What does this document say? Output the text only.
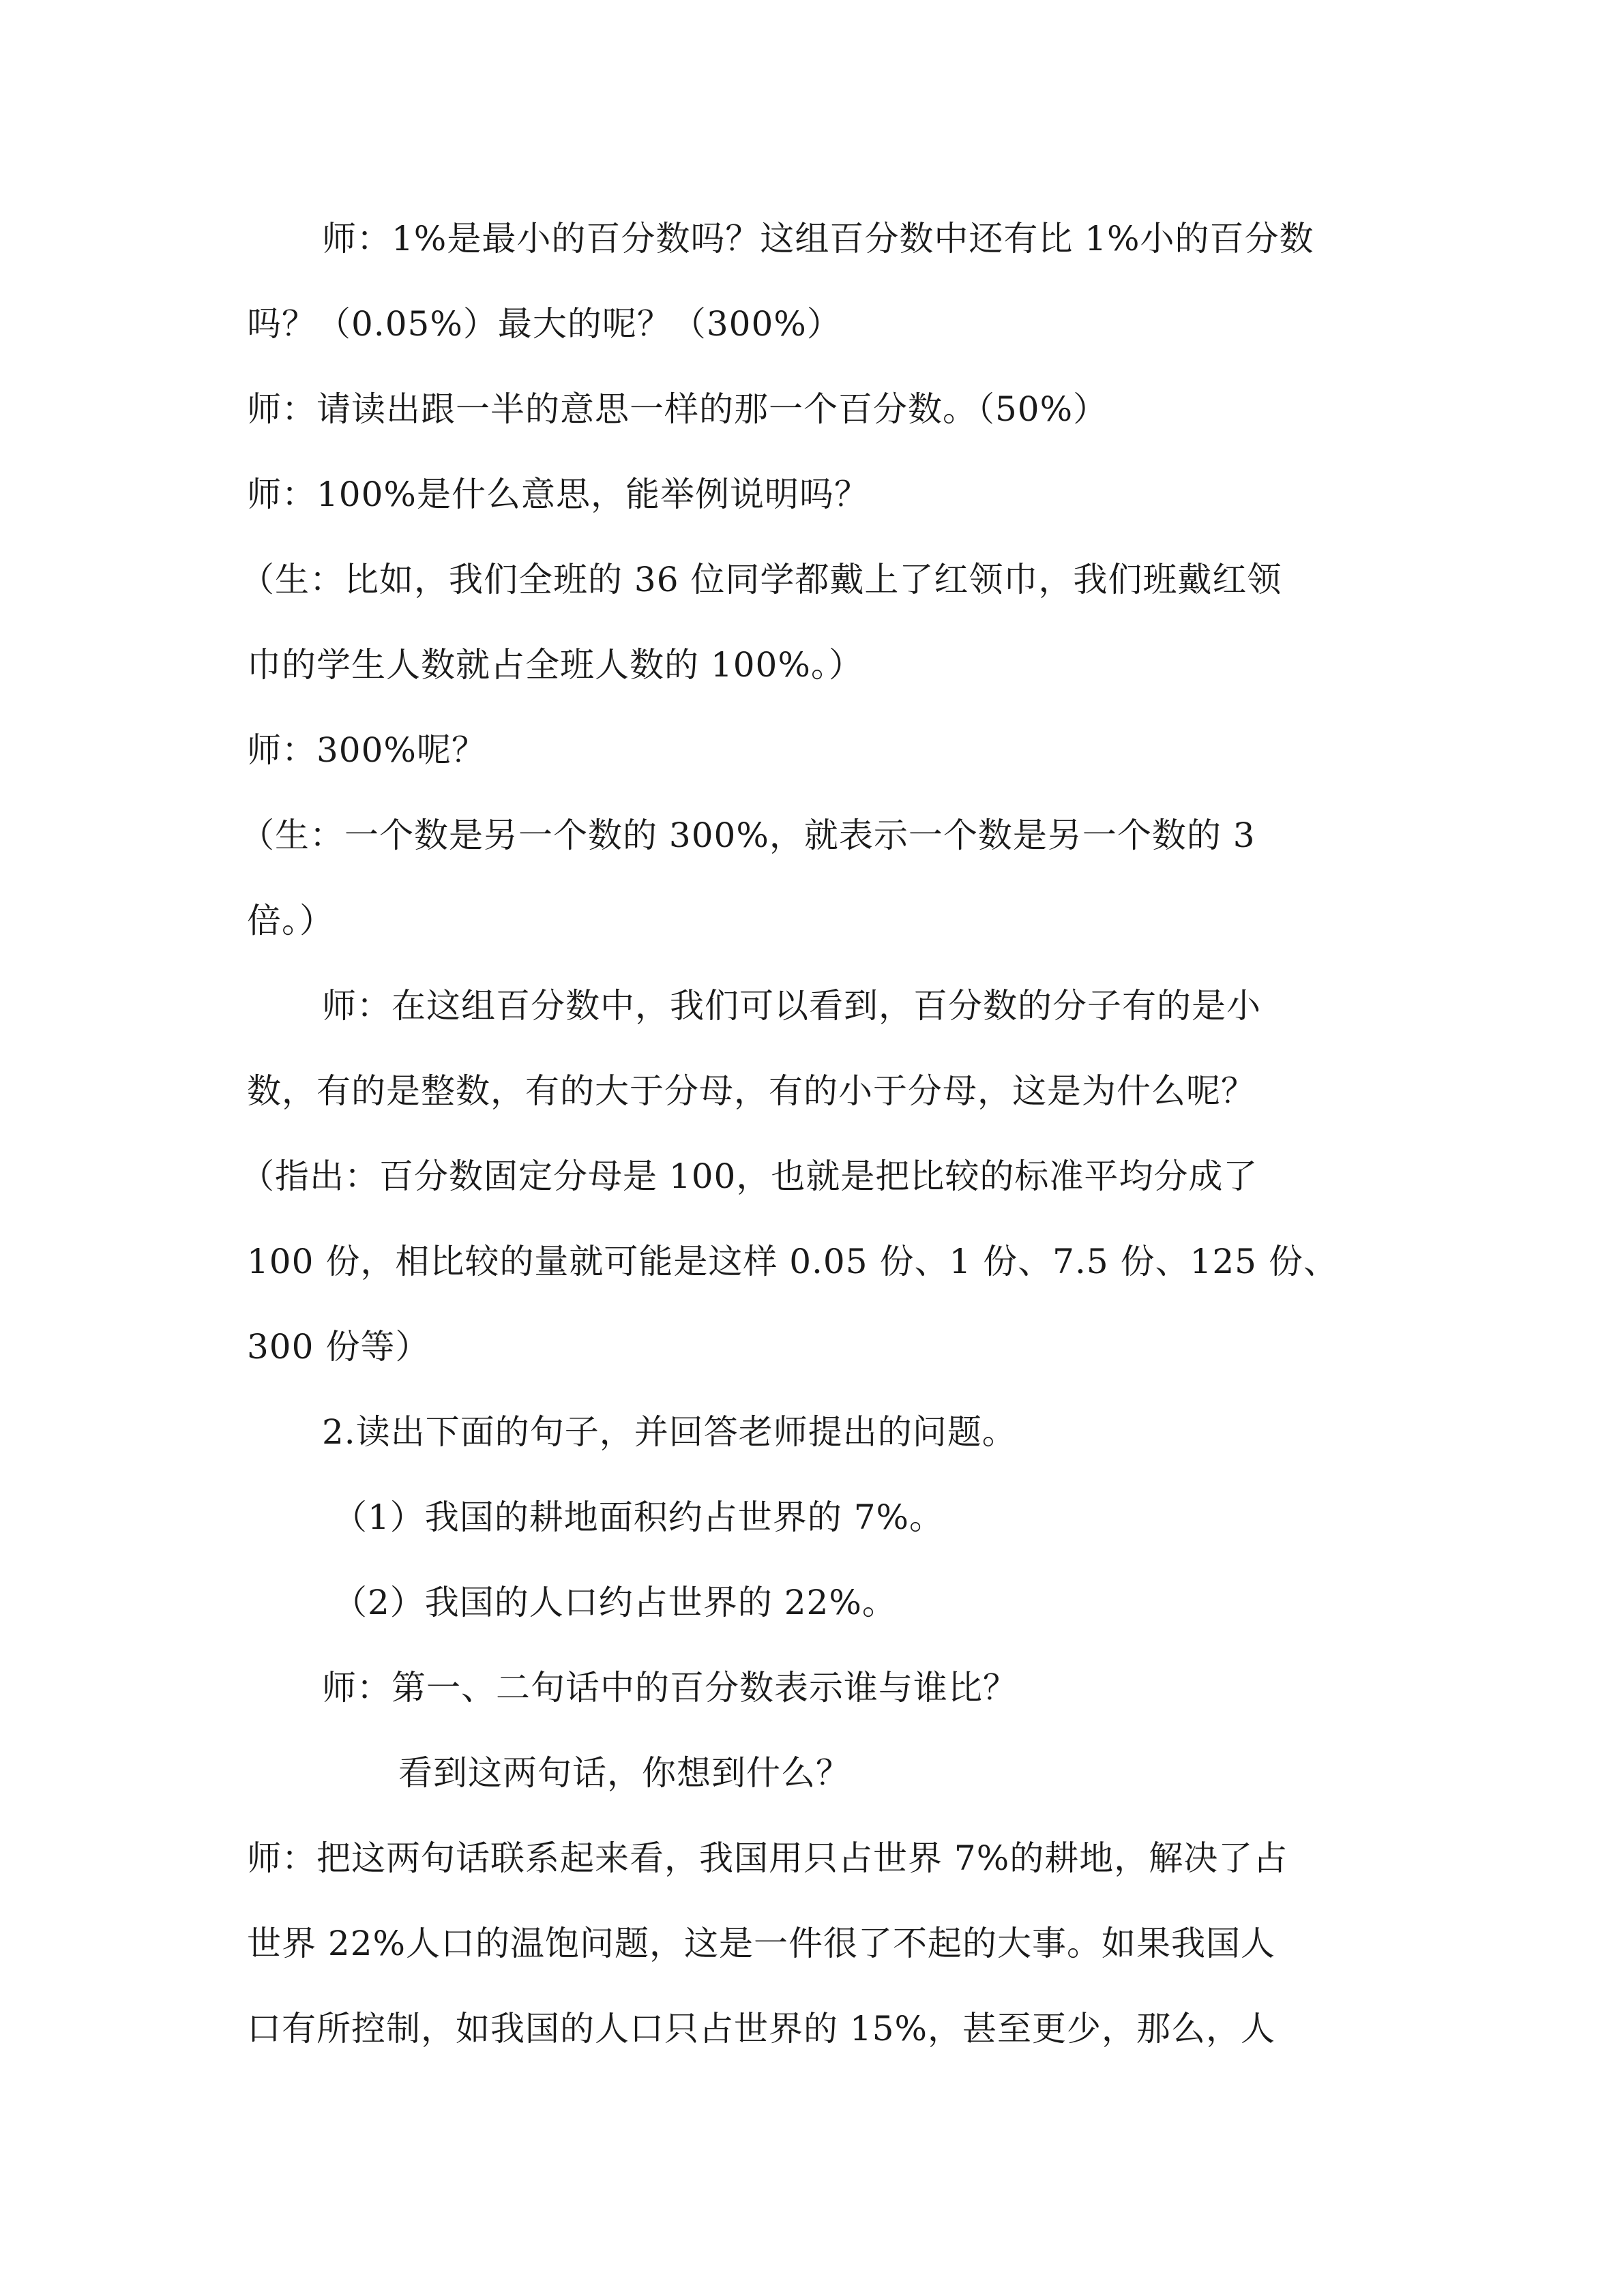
师：1%是最小的百分数吗？这组百分数中还有比 1%小的百分数
吗？（0.05%）最大的呢？（300%）
师：请读出跟一半的意思一样的那一个百分数。（50%）
师：100%是什么意思，能举例说明吗？
（生：比如，我们全班的 36 位同学都戴上了红领巾，我们班戴红领
巾的学生人数就占全班人数的 100%。）
师：300%呢？
（生：一个数是另一个数的 300%，就表示一个数是另一个数的 3
倍。）
师：在这组百分数中，我们可以看到，百分数的分子有的是小
数，有的是整数，有的大于分母，有的小于分母，这是为什么呢？
（指出：百分数固定分母是 100，也就是把比较的标准平均分成了
100 份，相比较的量就可能是这样 0.05 份、1 份、7.5 份、125 份、
300 份等）
2.读出下面的句子，并回答老师提出的问题。
（1）我国的耕地面积约占世界的 7%。
（2）我国的人口约占世界的 22%。
师：第一、二句话中的百分数表示谁与谁比？
看到这两句话，你想到什么？
师：把这两句话联系起来看，我国用只占世界 7%的耕地，解决了占
世界 22%人口的温饱问题，这是一件很了不起的大事。如果我国人
口有所控制，如我国的人口只占世界的 15%，甚至更少，那么，人
